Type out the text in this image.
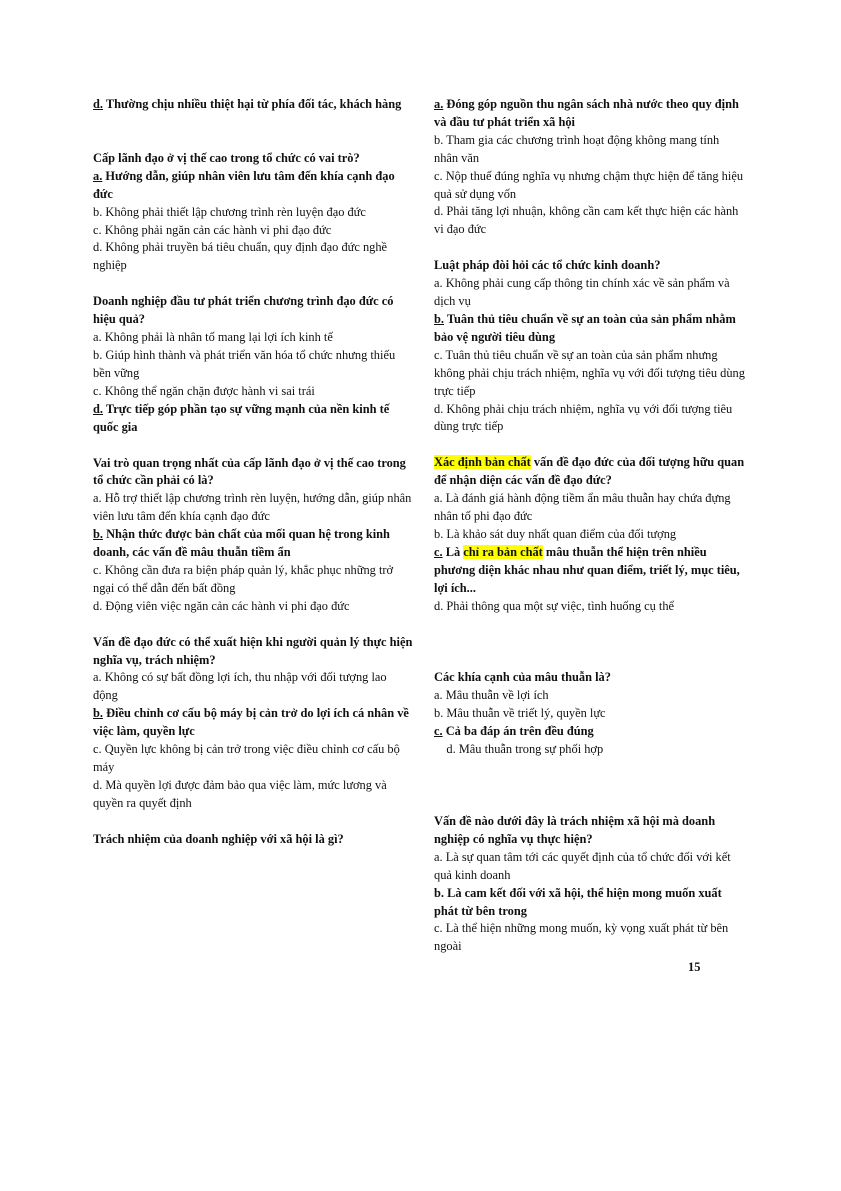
d. Thường chịu nhiều thiệt hại từ phía đối tác, khách hàng
Cấp lãnh đạo ở vị thế cao trong tổ chức có vai trò?
a. Hướng dẫn, giúp nhân viên lưu tâm đến khía cạnh đạo đức
b. Không phải thiết lập chương trình rèn luyện đạo đức
c. Không phải ngăn cản các hành vi phi đạo đức
d. Không phải truyền bá tiêu chuẩn, quy định đạo đức nghề nghiệp
Doanh nghiệp đầu tư phát triển chương trình đạo đức có hiệu quả?
a. Không phải là nhân tố mang lại lợi ích kinh tế
b. Giúp hình thành và phát triển văn hóa tổ chức nhưng thiếu bền vững
c. Không thể ngăn chặn được hành vi sai trái
d. Trực tiếp góp phần tạo sự vững mạnh của nền kinh tế quốc gia
Vai trò quan trọng nhất của cấp lãnh đạo ở vị thế cao trong tổ chức cần phải có là?
a. Hỗ trợ thiết lập chương trình rèn luyện, hướng dẫn, giúp nhân viên lưu tâm đến khía cạnh đạo đức
b. Nhận thức được bản chất của mối quan hệ trong kinh doanh, các vấn đề mâu thuẫn tiềm ẩn
c. Không cần đưa ra biện pháp quản lý, khắc phục những trở ngại có thể dẫn đến bất đồng
d. Động viên việc ngăn cản các hành vi phi đạo đức
Vấn đề đạo đức có thể xuất hiện khi người quản lý thực hiện nghĩa vụ, trách nhiệm?
a. Không có sự bất đồng lợi ích, thu nhập với đối tượng lao động
b. Điều chỉnh cơ cấu bộ máy bị cản trở do lợi ích cá nhân về việc làm, quyền lực
c. Quyền lực không bị cản trở trong việc điều chỉnh cơ cấu bộ máy
d. Mà quyền lợi được đảm bảo qua việc làm, mức lương và quyền ra quyết định
Trách nhiệm của doanh nghiệp với xã hội là gì?
a. Đóng góp nguồn thu ngân sách nhà nước theo quy định và đầu tư phát triển xã hội
b. Tham gia các chương trình hoạt động không mang tính nhân văn
c. Nộp thuế đúng nghĩa vụ nhưng chậm thực hiện để tăng hiệu quả sử dụng vốn
d. Phải tăng lợi nhuận, không cần cam kết thực hiện các hành vi đạo đức
Luật pháp đòi hỏi các tổ chức kinh doanh?
a. Không phải cung cấp thông tin chính xác về sản phẩm và dịch vụ
b. Tuân thủ tiêu chuẩn về sự an toàn của sản phẩm nhằm bảo vệ người tiêu dùng
c. Tuân thủ tiêu chuẩn về sự an toàn của sản phẩm nhưng không phải chịu trách nhiệm, nghĩa vụ với đối tượng tiêu dùng trực tiếp
d. Không phải chịu trách nhiệm, nghĩa vụ với đối tượng tiêu dùng trực tiếp
Xác định bản chất vấn đề đạo đức của đối tượng hữu quan để nhận diện các vấn đề đạo đức?
a. Là đánh giá hành động tiềm ẩn mâu thuẫn hay chứa đựng nhân tố phi đạo đức
b. Là khảo sát duy nhất quan điểm của đối tượng
c. Là chỉ ra bản chất mâu thuẫn thể hiện trên nhiều phương diện khác nhau như quan điểm, triết lý, mục tiêu, lợi ích...
d. Phải thông qua một sự việc, tình huống cụ thể
Các khía cạnh của mâu thuẫn là?
a. Mâu thuẫn về lợi ích
b. Mâu thuẫn về triết lý, quyền lực
c. Cả ba đáp án trên đều đúng    d. Mâu thuẫn trong sự phối hợp
Vấn đề nào dưới đây là trách nhiệm xã hội mà doanh nghiệp có nghĩa vụ thực hiện?
a. Là sự quan tâm tới các quyết định của tổ chức đối với kết quả kinh doanh
b. Là cam kết đối với xã hội, thể hiện mong muốn xuất phát từ bên trong
c. Là thể hiện những mong muốn, kỳ vọng xuất phát từ bên ngoài
15
